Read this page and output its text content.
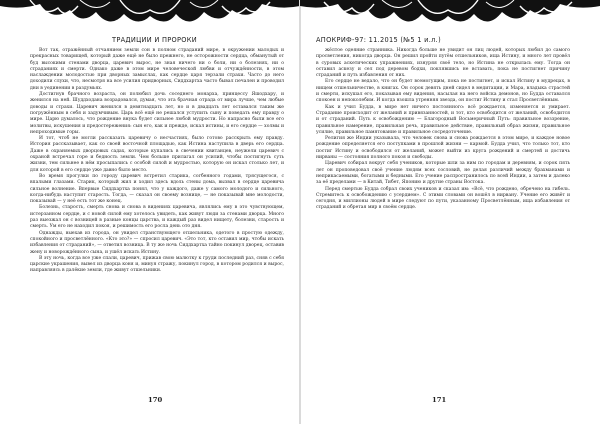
ТРАДИЦИИ И ПРОРОКИ

Вот так, отражённый отчаянием земли сон в полном страданий мире, в окружении малодых и прекрасных товарищей, который даже ещё не было прежнего, не осторожности сердца, обманутый от буд высокими стенами дворца, царевич вырос, не зная ничего ни о боли, ни о болезнях, ни о страданиях и смерти. Однако даже в этом мире человеческой любви и отчуждённости, в этом наслаждении молодостью при дворных замыслах, как сердце царя терзали страхи. Часто до него доходили слухи, что, несмотря на все усилия придворных, Сиддхартха часто бывал печален и проводил дни в уединении в раздумьях.

Достигнув брачного возраста, он полюбил дочь соседнего монарха, принцессу Яшодхару, и женился на ней. Шуддходана возрадовался, думая, что эта брачная отрада от мира лучше, чем любые доводы и страхи. Царевич женился в девятнадцать лет, но и в двадцать лет оставался таким же погружённым в себя и задумчивым. Царь всё ещё не решался уступить сыну и поведать ему правду о мире. Царю думалось, что рождение внука будет сильнее любой мудрости. Но напрасно были все его молитвы, искушения и предостережения: сын его, как и прежде, искал истины, и его сердце — холмы и непроходимые горы.

И тот, чтоб не могли рассказать царевичу о несчастиях, было готово расскрыть ему правду. История рассказывает, как со своей восточной площадью, как Истина наступила в дверь его сердца. Даже в охраняемых дворцовых садах, которые купались в свечении квитанцев, неужели царевич с охраной встречал горе и бедность земли. Чем больше прилагал он усилий, чтобы постигнуть суть жизни, тем сильнее в нём просыпались с особой силой и мудростью, которую он искал столько лет, и для которой в его сердце уже давно было место.

Во время прогулки по городу царевич встретил старика, согбенного годами, трясущегося, с впалыми глазами. Старик, который жил и ходил здесь вдоль стены дома, вызвал в сердце царевича сильное волнение. Впервые Сиддхартха понял, что у каждого, даже у самого молодого и сильного, когда-нибудь наступит старость. Тогда, — сказал он своему вознице, — не показывай мне молодости, показывай — у неё есть тот же конец.

Болезнь, старость, смерть снова и снова в видениях царевича, являлись ему в это чувствующем, истерзанном сердце, и с новой силой ему хотелось увидеть, как живут люди за стенами дворца. Много раз выезжал он с возницей в разные концы царства, и каждый раз видел нищету, болезни, старость и смерть. Ум его не находил покоя, и решимость его росла день ото дня.

Однажды, выехав из города, он увидел странствующего отшельника, одетого в простую одежду, спокойного и просветлённого. «Кто это?» — спросил царевич. «Это тот, кто оставил мир, чтобы искать избавления от страданий», — ответил возница. В ту же ночь Сиддхартха тайно покинул дворец, оставив жену и новорождённого сына, и ушёл искать Истину.

В эту ночь, когда все уже спали, царевич, прижав свою малютку к груди последний раз, сняв с себя царские украшения, вывел из дворца коня и, минуя стражу, покинул город, в котором родился и вырос, направляясь в далёкие земли, где живут отшельники.

170
АПОКРИФ-97: 11.2015 (№5 1 и.л.)

жёлтое одеяние странника. Никогда больше не увидит он лиц людей, которых любил до самого просветления, никогда дворца. Он решил пройти путём отшельников, ища Истину, и много лет провёл в суровых аскетических упражнениях, изнуряя своё тело, но Истина не открылась ему. Тогда он оставил аскезу и сел под деревом бодхи, поклявшись не вставать, пока не постигнет причину страданий и путь избавления от них.

Его сердце не ведало, что он будет всемогущим, пока не постигнет, и искал Истину в мудрецах, в нищем отшельничестве, в книгах. Он сорок девять дней сидел в медитации, и Мара, владыка страстей и смерти, искушал его, показывая ему видения, насылая на него войска демонов, но Будда оставался спокоен и непоколебим. И когда взошла утренняя звезда, он постиг Истину и стал Просветлённым.

Как и учил Будда, в мире нет ничего постоянного: всё рождается, изменяется и умирает. Страдание происходит от желаний и привязанностей, и тот, кто освободится от желаний, освободится и от страданий. Путь к освобождению — Благородный Восьмеричный Путь: правильное воззрение, правильное намерение, правильная речь, правильное действие, правильный образ жизни, правильное усилие, правильное памятование и правильное сосредоточение.

Религия же Индии указывала, что человек снова и снова рождается в этом мире, и каждое новое рождение определяется его поступками в прошлой жизни — кармой. Будда учил, что только тот, кто постиг Истину и освободился от желаний, может выйти из круга рождений и смертей и достичь нирваны — состояния полного покоя и свободы.

Царевич собирал вокруг себя учеников, которые шли за ним по городам и деревням, и сорок пять лет он проповедовал своё учение людям всех сословий, не делая различий между брахманами и неприкасаемыми, богатыми и бедными. Его учение распространилось по всей Индии, а затем и далеко за её пределами — в Китай, Тибет, Японию и другие страны Востока.

Перед смертью Будда собрал своих учеников и сказал им: «Всё, что рождено, обречено на гибель. Стремитесь к освобождению с усердием». С этими словами он вошёл в нирвану. Учение его живёт и сегодня, и миллионы людей в мире следуют по пути, указанному Просветлённым, ища избавления от страданий и обретая мир в своём сердце.

171
